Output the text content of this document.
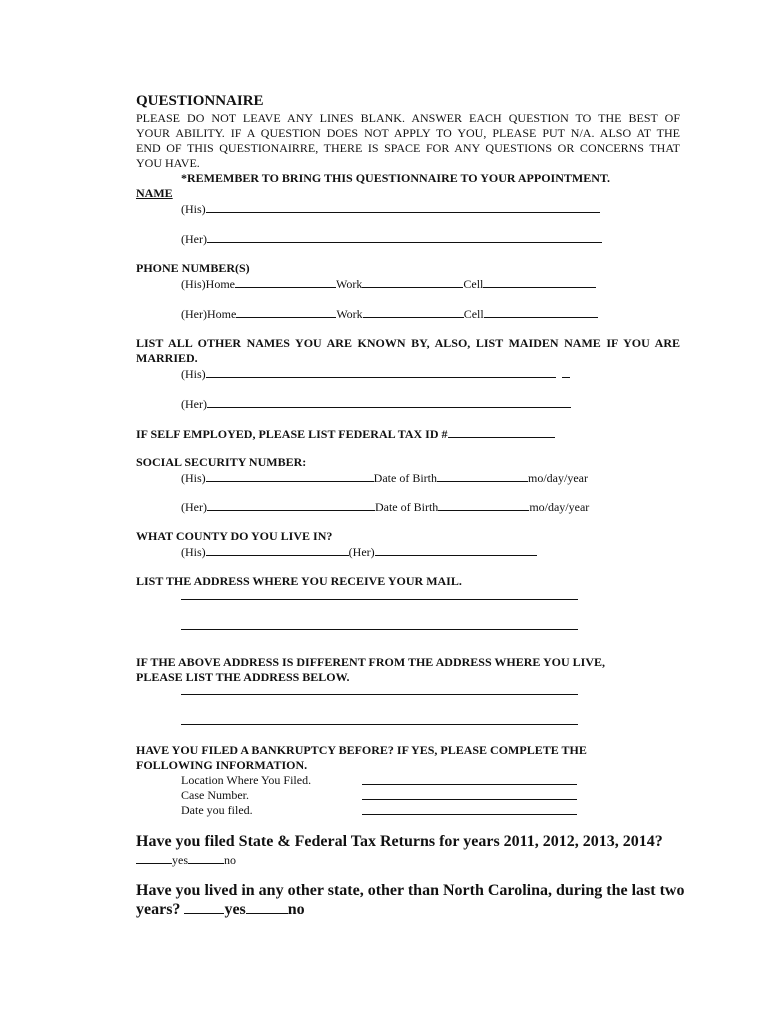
QUESTIONNAIRE
PLEASE DO NOT LEAVE ANY LINES BLANK. ANSWER EACH QUESTION TO THE BEST OF
YOUR ABILITY. IF A QUESTION DOES NOT APPLY TO YOU, PLEASE PUT N/A. ALSO AT THE
END OF THIS QUESTIONAIRRE, THERE IS SPACE FOR ANY QUESTIONS OR CONCERNS THAT
YOU HAVE.
*REMEMBER TO BRING THIS QUESTIONNAIRE TO YOUR APPOINTMENT.
NAME
(His)
(Her)
PHONE NUMBER(S)
(His)Home	Work	Cell
(Her)Home	Work	Cell
LIST ALL OTHER NAMES YOU ARE KNOWN BY, ALSO, LIST MAIDEN NAME IF YOU ARE
MARRIED.
(His)
(Her)
IF SELF EMPLOYED, PLEASE LIST FEDERAL TAX ID #
SOCIAL SECURITY NUMBER:
(His)	Date of Birth	mo/day/year
(Her)	Date of Birth	mo/day/year
WHAT COUNTY DO YOU LIVE IN?
(His)	(Her)
LIST THE ADDRESS WHERE YOU RECEIVE YOUR MAIL.
IF THE ABOVE ADDRESS IS DIFFERENT FROM THE ADDRESS WHERE YOU LIVE,
PLEASE LIST THE ADDRESS BELOW.
HAVE YOU FILED A BANKRUPTCY BEFORE? IF YES, PLEASE COMPLETE THE
FOLLOWING INFORMATION.
Location Where You Filed.
Case Number.
Date you filed.
Have you filed State & Federal Tax Returns for years 2011, 2012, 2013, 2014?
yes	no
Have you lived in any other state, other than North Carolina, during the last two
years?	yes	no
